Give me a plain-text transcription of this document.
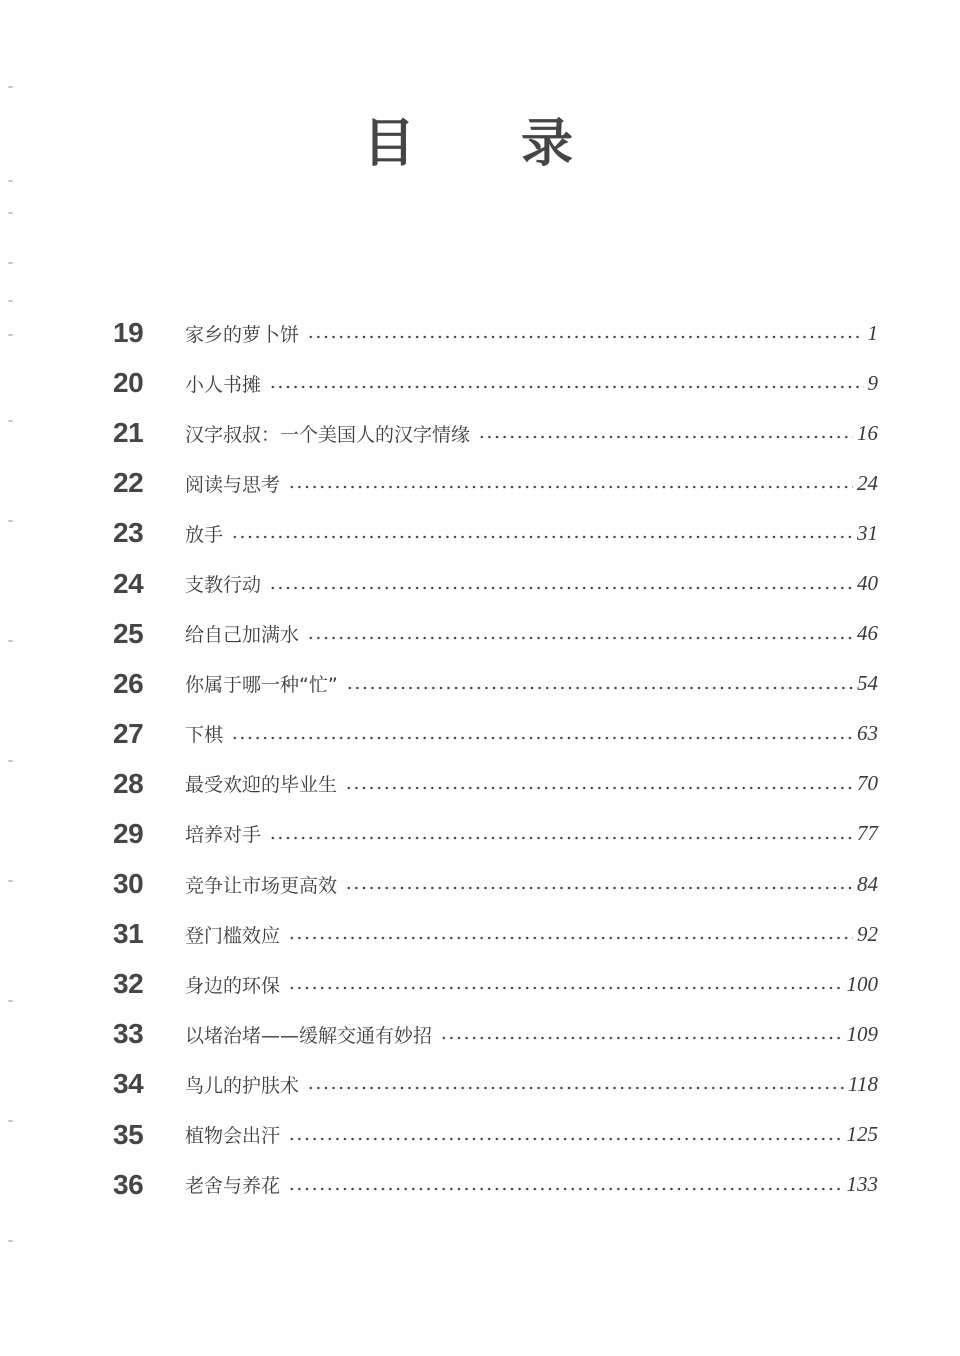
目 录
19	家乡的萝卜饼	1
20	小人书摊	9
21	汉字叔叔：一个美国人的汉字情缘	16
22	阅读与思考	24
23	放手	31
24	支教行动	40
25	给自己加满水	46
26	你属于哪一种“忙”	54
27	下棋	63
28	最受欢迎的毕业生	70
29	培养对手	77
30	竞争让市场更高效	84
31	登门槛效应	92
32	身边的环保	100
33	以堵治堵——缓解交通有妙招	109
34	鸟儿的护肤术	118
35	植物会出汗	125
36	老舍与养花	133
